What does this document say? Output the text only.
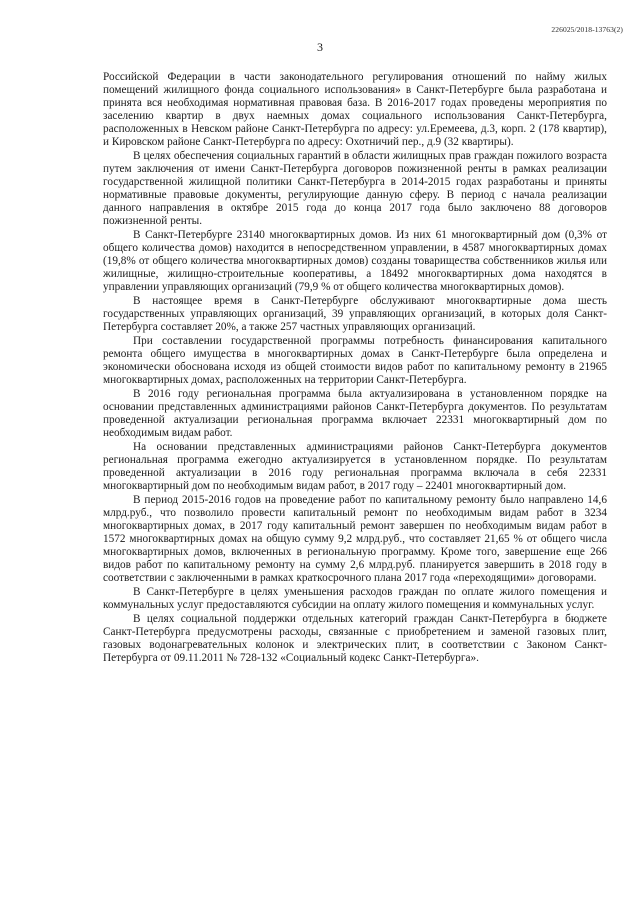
226025/2018-13763(2)
3

Российской Федерации в части законодательного регулирования отношений по найму жилых помещений жилищного фонда социального использования» в Санкт-Петербурге была разработана и принята вся необходимая нормативная правовая база. В 2016-2017 годах проведены мероприятия по заселению квартир в двух наемных домах социального использования Санкт-Петербурга, расположенных в Невском районе Санкт-Петербурга по адресу: ул.Еремеева, д.3, корп. 2 (178 квартир), и Кировском районе Санкт-Петербурга по адресу: Охотничий пер., д.9 (32 квартиры).

В целях обеспечения социальных гарантий в области жилищных прав граждан пожилого возраста путем заключения от имени Санкт-Петербурга договоров пожизненной ренты в рамках реализации государственной жилищной политики Санкт-Петербурга в 2014-2015 годах разработаны и приняты нормативные правовые документы, регулирующие данную сферу. В период с начала реализации данного направления в октябре 2015 года до конца 2017 года было заключено 88 договоров пожизненной ренты.

В Санкт-Петербурге 23140 многоквартирных домов. Из них 61 многоквартирный дом (0,3% от общего количества домов) находится в непосредственном управлении, в 4587 многоквартирных домах (19,8% от общего количества многоквартирных домов) созданы товарищества собственников жилья или жилищные, жилищно-строительные кооперативы, а 18492 многоквартирных дома находятся в управлении управляющих организаций (79,9 % от общего количества многоквартирных домов).

В настоящее время в Санкт-Петербурге обслуживают многоквартирные дома шесть государственных управляющих организаций, 39 управляющих организаций, в которых доля Санкт-Петербурга составляет 20%, а также 257 частных управляющих организаций.

При составлении государственной программы потребность финансирования капитального ремонта общего имущества в многоквартирных домах в Санкт-Петербурге была определена и экономически обоснована исходя из общей стоимости видов работ по капитальному ремонту в 21965 многоквартирных домах, расположенных на территории Санкт-Петербурга.

В 2016 году региональная программа была актуализирована в установленном порядке на основании представленных администрациями районов Санкт-Петербурга документов. По результатам проведенной актуализации региональная программа включает 22331 многоквартирный дом по необходимым видам работ.

На основании представленных администрациями районов Санкт-Петербурга документов региональная программа ежегодно актуализируется в установленном порядке. По результатам проведенной актуализации в 2016 году региональная программа включала в себя 22331 многоквартирный дом по необходимым видам работ, в 2017 году – 22401 многоквартирный дом.

В период 2015-2016 годов на проведение работ по капитальному ремонту было направлено 14,6 млрд.руб., что позволило провести капитальный ремонт по необходимым видам работ в 3234 многоквартирных домах, в 2017 году капитальный ремонт завершен по необходимым видам работ в 1572 многоквартирных домах на общую сумму 9,2 млрд.руб., что составляет 21,65 % от общего числа многоквартирных домов, включенных в региональную программу. Кроме того, завершение еще 266 видов работ по капитальному ремонту на сумму 2,6 млрд.руб. планируется завершить в 2018 году в соответствии с заключенными в рамках краткосрочного плана 2017 года «переходящими» договорами.

В Санкт-Петербурге в целях уменьшения расходов граждан по оплате жилого помещения и коммунальных услуг предоставляются субсидии на оплату жилого помещения и коммунальных услуг.

В целях социальной поддержки отдельных категорий граждан Санкт-Петербурга в бюджете Санкт-Петербурга предусмотрены расходы, связанные с приобретением и заменой газовых плит, газовых водонагревательных колонок и электрических плит, в соответствии с Законом Санкт-Петербурга от 09.11.2011 № 728-132 «Социальный кодекс Санкт-Петербурга».
